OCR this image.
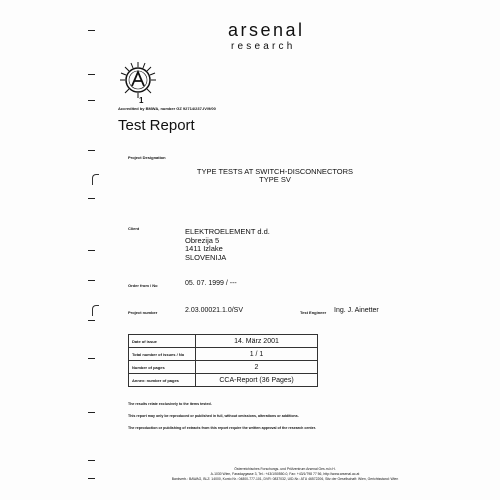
arsenal
research
1
Accredited by BMWA, number GZ 92714/237-IV/9/00
Test Report
Project Designation
TYPE TESTS AT SWITCH-DISCONNECTORS
TYPE SV
Client	ELEKTROELEMENT d.d.
Obrezija 5
1411 Izlake
SLOVENIJA
Order from / No	05. 07. 1999 / ---
Project number	2.03.00021.1.0/SV	Test Engineer Ing. J. Ainetter
Date of issue	14. März 2001
Total number of issues / No	1 / 1
Number of pages	2
Annex: number of pages	CCA-Report (36 Pages)
The results relate exclusively to the items tested.
This report may only be reproduced or published in full, without omissions, alterations or additions.
The reproduction or publishing of extracts from this report require the written approval of the research center.
Österreichisches Forschungs- und Prüfzentrum Arsenal Ges.m.b.H.
A-1030 Wien, Faradaygasse 3, Tel.: +43/1/50550-0, Fax: +43/1/798 77 56, http://www.arsenal.ac.at
Bankverb.: BAWAG, BLZ: 14000, Konto Nr.: 04800-777-101, DVR: 0837032, UID-Nr.: ATU 46572206, Sitz der Gesellschaft: Wien, Gerichtsstand: Wien
